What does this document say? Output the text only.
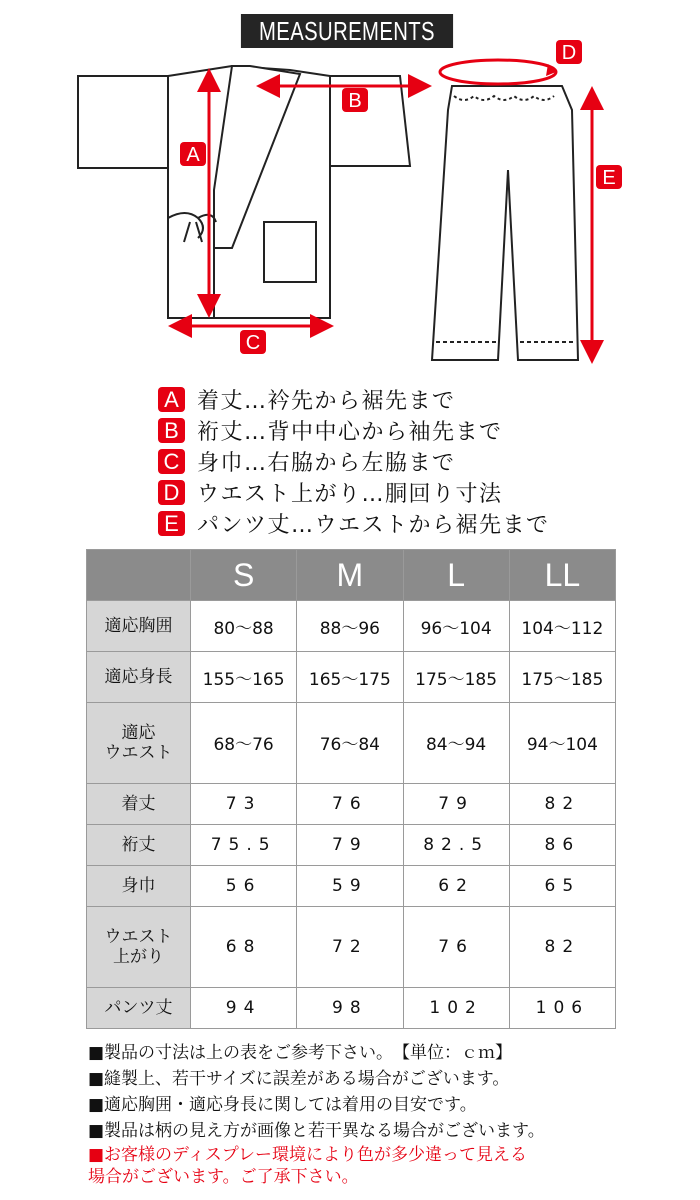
MEASUREMENTS
A
B
C
D
E
A 着丈…衿先から裾先まで
B 裄丈…背中中心から袖先まで
C 身巾…右脇から左脇まで
D ウエスト上がり…胴回り寸法
E パンツ丈…ウエストから裾先まで
	S	M	L	LL
適応胸囲	80～88	88～96	96～104	104～112
適応身長	155～165	165～175	175～185	175～185
適応
ウエスト	68～76	76～84	84～94	94～104
着丈	73	76	79	82
裄丈	75.5	79	82.5	86
身巾	56	59	62	65
ウエスト
上がり	68	72	76	82
パンツ丈	94	98	102	106
■製品の寸法は上の表をご参考下さい。　【単位：ｃｍ】
■縫製上、若干サイズに誤差がある場合がございます。
■適応胸囲・適応身長に関しては着用の目安です。
■製品は柄の見え方が画像と若干異なる場合がございます。
■お客様のディスプレー環境により色が多少違って見える
場合がございます。ご了承下さい。
